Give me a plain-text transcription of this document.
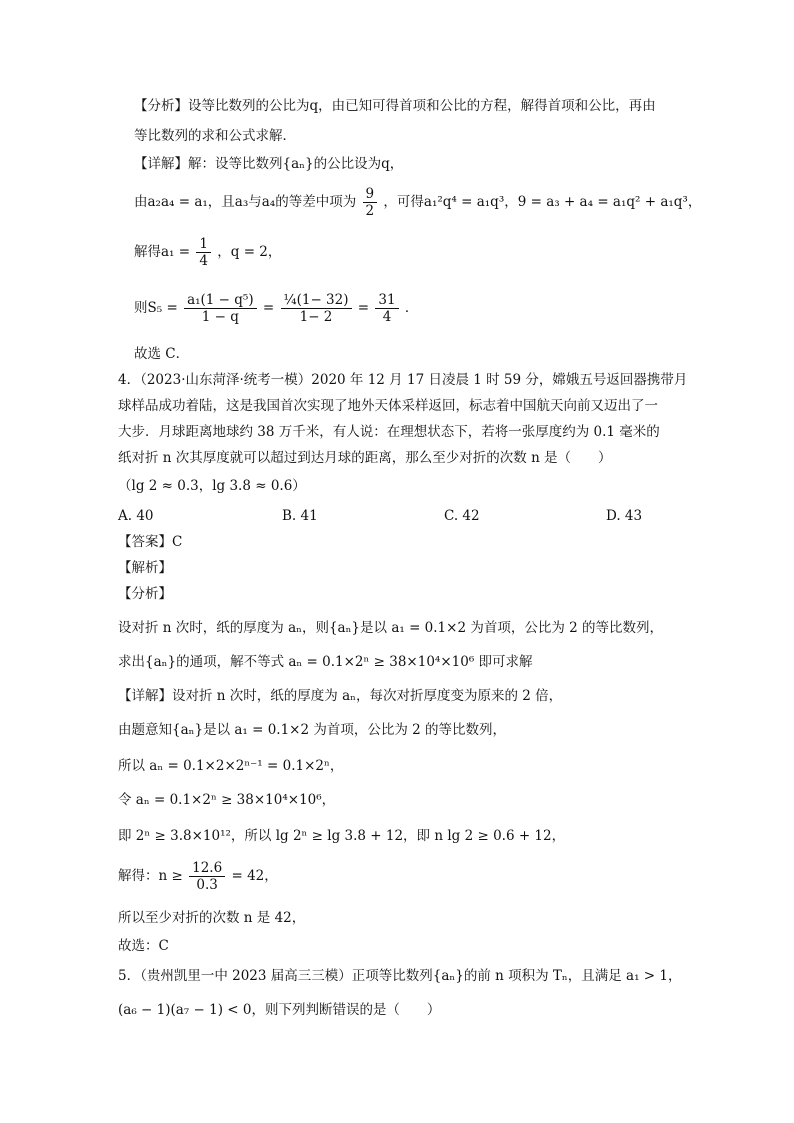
【分析】设等比数列的公比为q，由已知可得首项和公比的方程，解得首项和公比，再由
等比数列的求和公式求解．
【详解】解：设等比数列{aₙ}的公比设为q，
由a₂a₄ = a₁，且a₃与a₄的等差中项为 $\frac{9}{2}$ ，可得a₁²q⁴ = a₁q³，9 = a₃ + a₄ = a₁q² + a₁q³，
解得$a_1 = \frac{1}{4}$ ，q = 2，
则$S_5 = \frac{\text{a₁(1 − q⁵)}}{1 - q} = \frac{\text{¼(1− 32)}}{1- 2} = \frac{31}{4}$ ．
故选 C．
4．（2023·山东菏泽·统考一模）2020 年 12 月 17 日凌晨 1 时 59 分，嫦娥五号返回器携带月
球样品成功着陆，这是我国首次实现了地外天体采样返回，标志着中国航天向前又迈出了一
大步．月球距离地球约 38 万千米，有人说：在理想状态下，若将一张厚度约为 0.1 毫米的
纸对折 n 次其厚度就可以超过到达月球的距离，那么至少对折的次数 n 是（　　）
（lg 2 ≈ 0.3，lg 3.8 ≈ 0.6）
A. 40	B. 41	C. 42	D. 43
【答案】C
【解析】
【分析】
设对折 n 次时，纸的厚度为 aₙ，则{aₙ}是以 a₁ = 0.1×2 为首项，公比为 2 的等比数列，
求出{aₙ}的通项，解不等式 aₙ = 0.1×2ⁿ ≥ 38×10⁴×10⁶ 即可求解
【详解】设对折 n 次时，纸的厚度为 aₙ，每次对折厚度变为原来的 2 倍，
由题意知{aₙ}是以 a₁ = 0.1×2 为首项，公比为 2 的等比数列，
所以 aₙ = 0.1×2×2ⁿ⁻¹ = 0.1×2ⁿ，
令 aₙ = 0.1×2ⁿ ≥ 38×10⁴×10⁶，
即 2ⁿ ≥ 3.8×10¹²，所以 lg 2ⁿ ≥ lg 3.8 + 12，即 n lg 2 ≥ 0.6 + 12，
解得：$n \ge \frac{12.6}{0.3} = 42$，
所以至少对折的次数 n 是 42，
故选：C
5．（贵州凯里一中 2023 届高三三模）正项等比数列{aₙ}的前 n 项积为 Tₙ，且满足 a₁ > 1，
(a₆ − 1)(a₇ − 1) < 0，则下列判断错误的是（　　）
